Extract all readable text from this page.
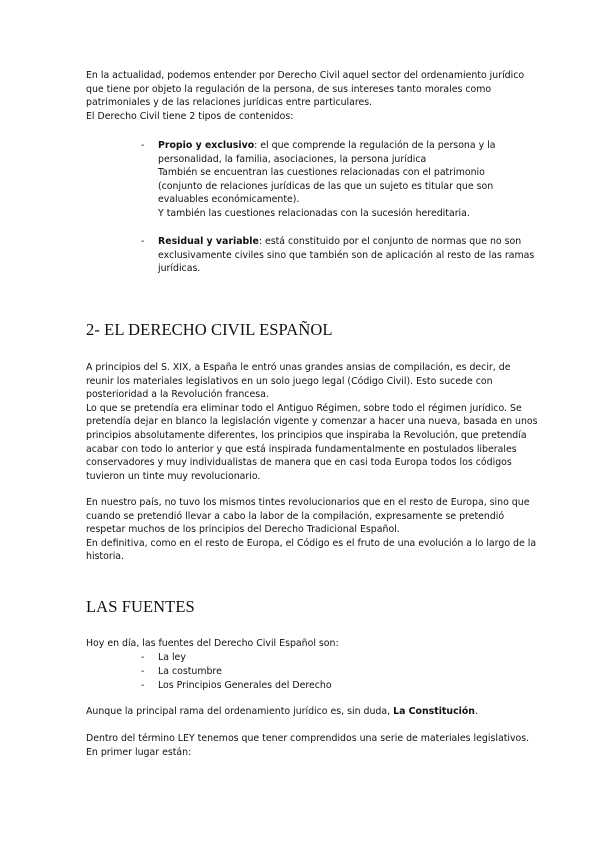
En la actualidad, podemos entender por Derecho Civil aquel sector del ordenamiento jurídico
que tiene por objeto la regulación de la persona, de sus intereses tanto morales como
patrimoniales y de las relaciones jurídicas entre particulares.
El Derecho Civil tiene 2 tipos de contenidos:

- Propio y exclusivo: el que comprende la regulación de la persona y la
personalidad, la familia, asociaciones, la persona jurídica
También se encuentran las cuestiones relacionadas con el patrimonio
(conjunto de relaciones jurídicas de las que un sujeto es titular que son
evaluables económicamente).
Y también las cuestiones relacionadas con la sucesión hereditaria.
- Residual y variable: está constituido por el conjunto de normas que no son
exclusivamente civiles sino que también son de aplicación al resto de las ramas
jurídicas.
2- EL DERECHO CIVIL ESPAÑOL

A principios del S. XIX, a España le entró unas grandes ansias de compilación, es decir, de
reunir los materiales legislativos en un solo juego legal (Código Civil). Esto sucede con
posterioridad a la Revolución francesa.
Lo que se pretendía era eliminar todo el Antiguo Régimen, sobre todo el régimen jurídico. Se
pretendía dejar en blanco la legislación vigente y comenzar a hacer una nueva, basada en unos
principios absolutamente diferentes, los principios que inspiraba la Revolución, que pretendía
acabar con todo lo anterior y que está inspirada fundamentalmente en postulados liberales
conservadores y muy individualistas de manera que en casi toda Europa todos los códigos
tuvieron un tinte muy revolucionario.

En nuestro país, no tuvo los mismos tintes revolucionarios que en el resto de Europa, sino que
cuando se pretendió llevar a cabo la labor de la compilación, expresamente se pretendió
respetar muchos de los principios del Derecho Tradicional Español.
En definitiva, como en el resto de Europa, el Código es el fruto de una evolución a lo largo de la
historia.

LAS FUENTES

Hoy en día, las fuentes del Derecho Civil Español son:

- La ley
- La costumbre
- Los Principios Generales del Derecho

Aunque la principal rama del ordenamiento jurídico es, sin duda, La Constitución.

Dentro del término LEY tenemos que tener comprendidos una serie de materiales legislativos.
En primer lugar están:
